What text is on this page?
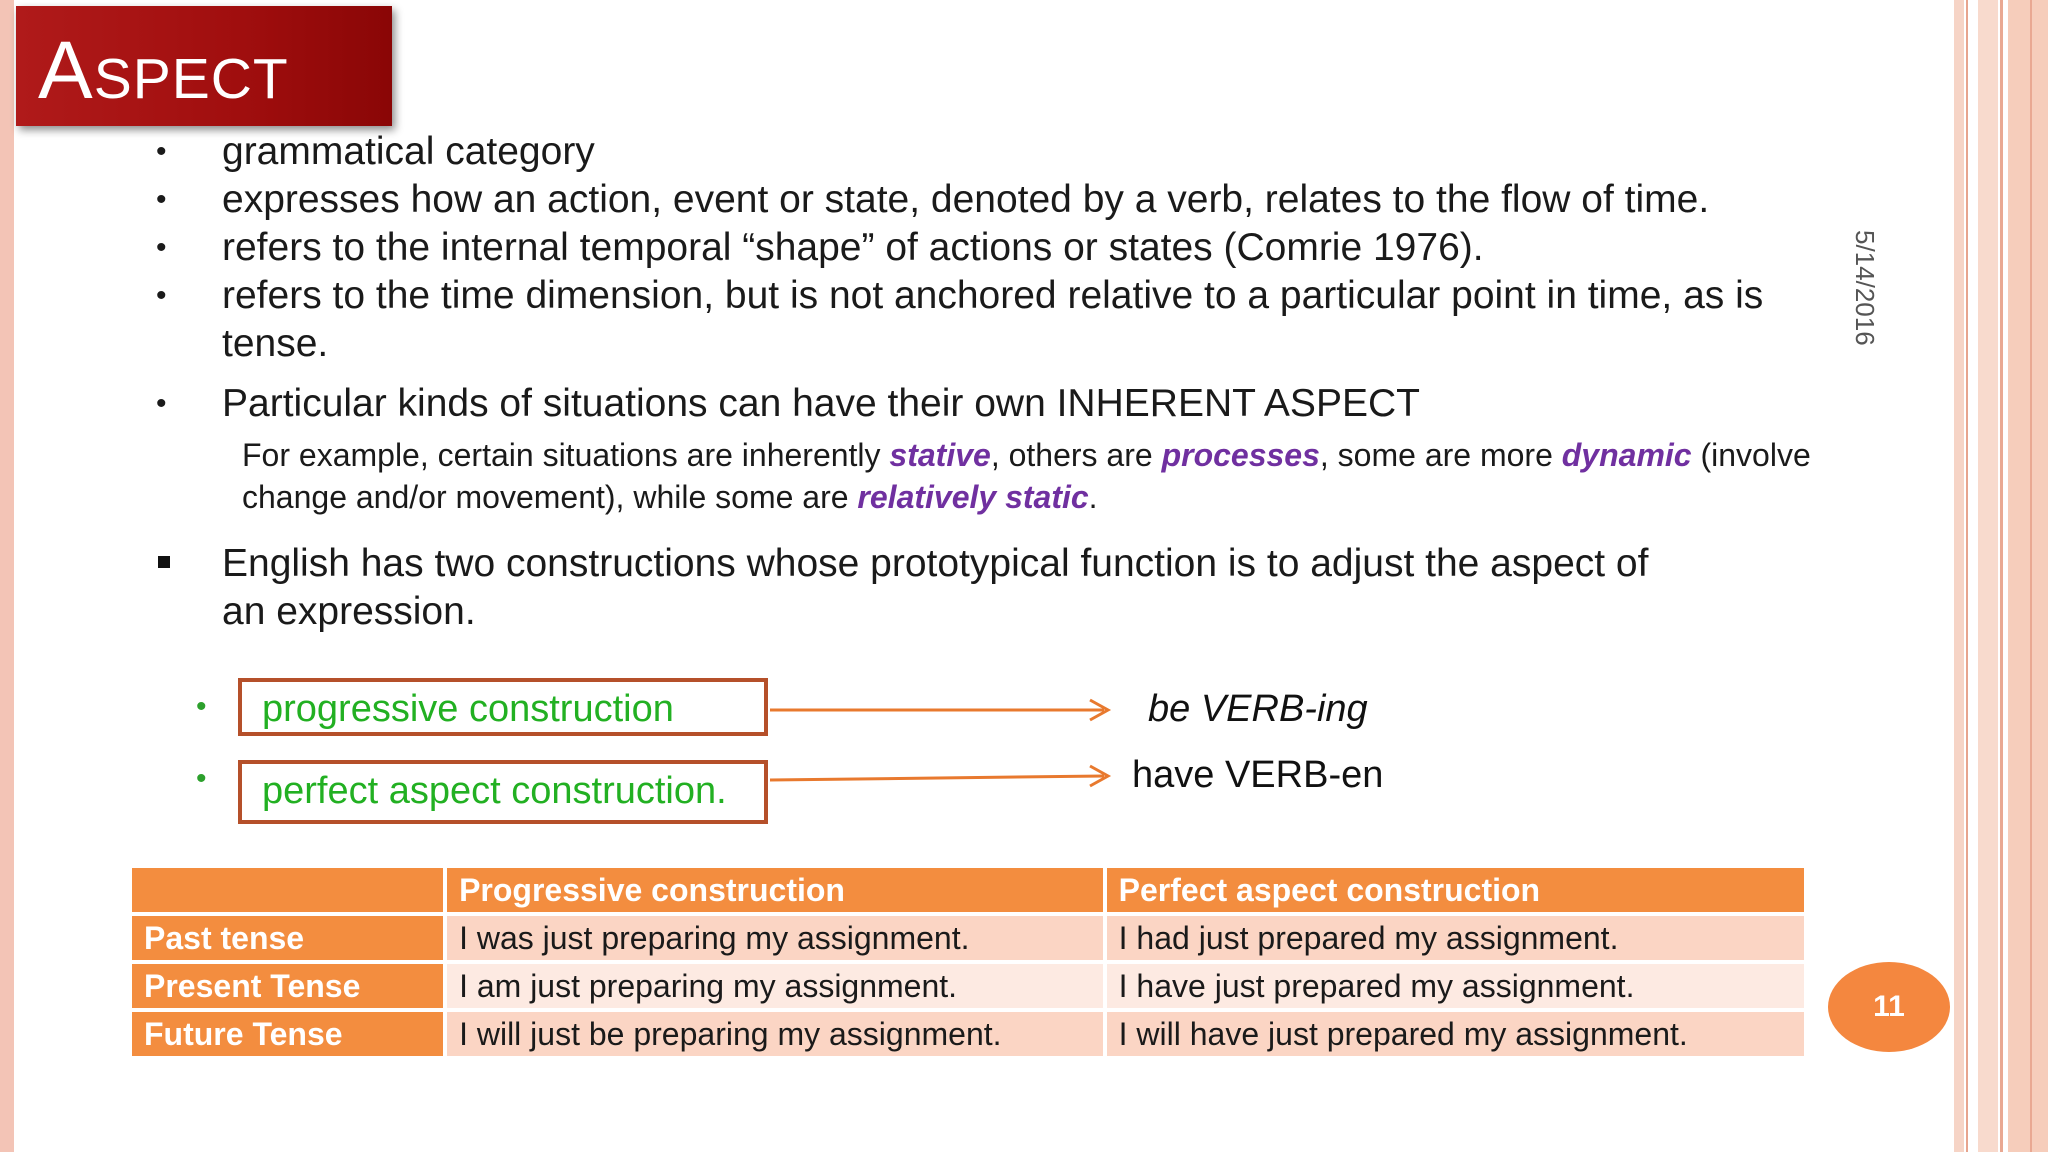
Aspect
5/14/2016
• grammatical category
• expresses how an action, event or state, denoted by a verb, relates to the flow of time.
• refers to the internal temporal “shape” of actions or states (Comrie 1976).
• refers to the time dimension, but is not anchored relative to a particular point in time, as is
tense.
• Particular kinds of situations can have their own INHERENT ASPECT
For example, certain situations are inherently stative, others are processes, some are more dynamic (involve change and/or movement), while some are relatively static.
English has two constructions whose prototypical function is to adjust the aspect of
an expression.
• progressive construction
• perfect aspect construction.
be VERB-ing
have VERB-en
	Progressive construction	Perfect aspect construction
Past tense	I was just preparing my assignment.	I had just prepared my assignment.
Present Tense	I am just preparing my assignment.	I have just prepared my assignment.
Future Tense	I will just be preparing my assignment.	I will have just prepared my assignment.
11
